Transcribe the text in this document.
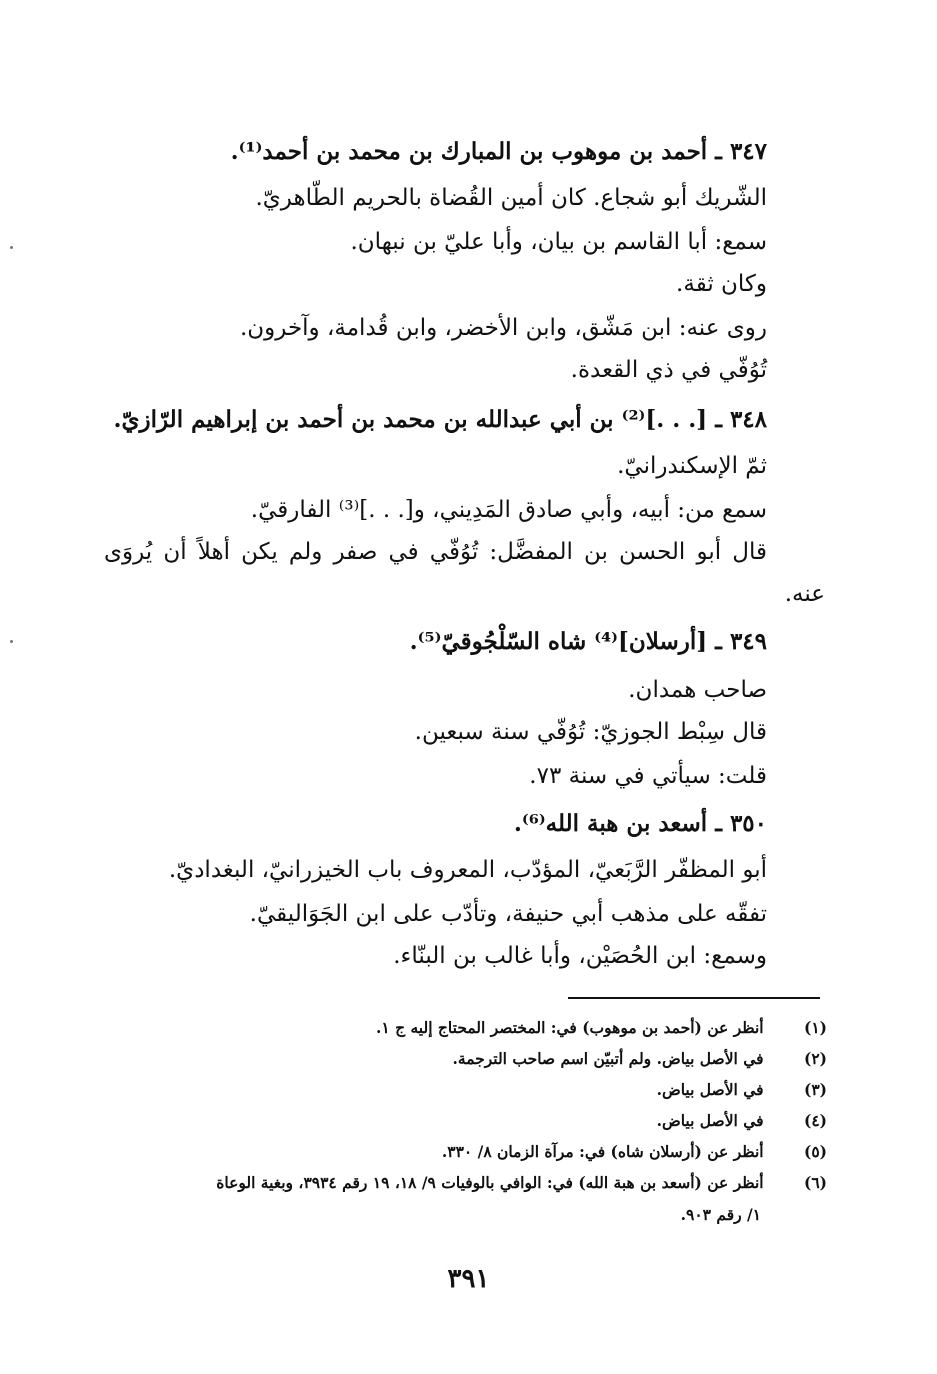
٣٤٧ ـ أحمد بن موهوب بن المبارك بن محمد بن أحمد⁽¹⁾.
الشّريك أبو شجاع. كان أمين القُضاة بالحريم الطّاهريّ.
سمع: أبا القاسم بن بيان، وأبا عليّ بن نبهان.
وكان ثقة.
روى عنه: ابن مَشّق، وابن الأخضر، وابن قُدامة، وآخرون.
تُوُفّي في ذي القعدة.
٣٤٨ ـ [. . .]⁽²⁾ بن أبي عبدالله بن محمد بن أحمد بن إبراهيم الرّازيّ.
ثمّ الإسكندرانيّ.
سمع من: أبيه، وأبي صادق المَدِيني، و[. . .]⁽³⁾ الفارقيّ.
قال أبو الحسن بن المفضَّل: تُوُفّي في صفر ولم يكن أهلاً أن يُروَى
عنه.
٣٤٩ ـ [أرسلان]⁽⁴⁾ شاه السّلْجُوقيّ⁽⁵⁾.
صاحب همدان.
قال سِبْط الجوزيّ: تُوُفّي سنة سبعين.
قلت: سيأتي في سنة ٧٣.
٣٥٠ ـ أسعد بن هبة الله⁽⁶⁾.
أبو المظفّر الرَّبَعيّ، المؤدّب، المعروف باب الخيزرانيّ، البغداديّ.
تفقّه على مذهب أبي حنيفة، وتأدّب على ابن الجَوَاليقيّ.
وسمع: ابن الحُصَيْن، وأبا غالب بن البنّاء.
(١) أنظر عن (أحمد بن موهوب) في: المختصر المحتاج إليه ج ١.
(٢) في الأصل بياض. ولم أتبيّن اسم صاحب الترجمة.
(٣) في الأصل بياض.
(٤) في الأصل بياض.
(٥) أنظر عن (أرسلان شاه) في: مرآة الزمان ٨/ ٣٣٠.
(٦) أنظر عن (أسعد بن هبة الله) في: الوافي بالوفيات ٩/ ١٨، ١٩ رقم ٣٩٣٤، وبغية الوعاة
١/ رقم ٩٠٣.
٣٩١
